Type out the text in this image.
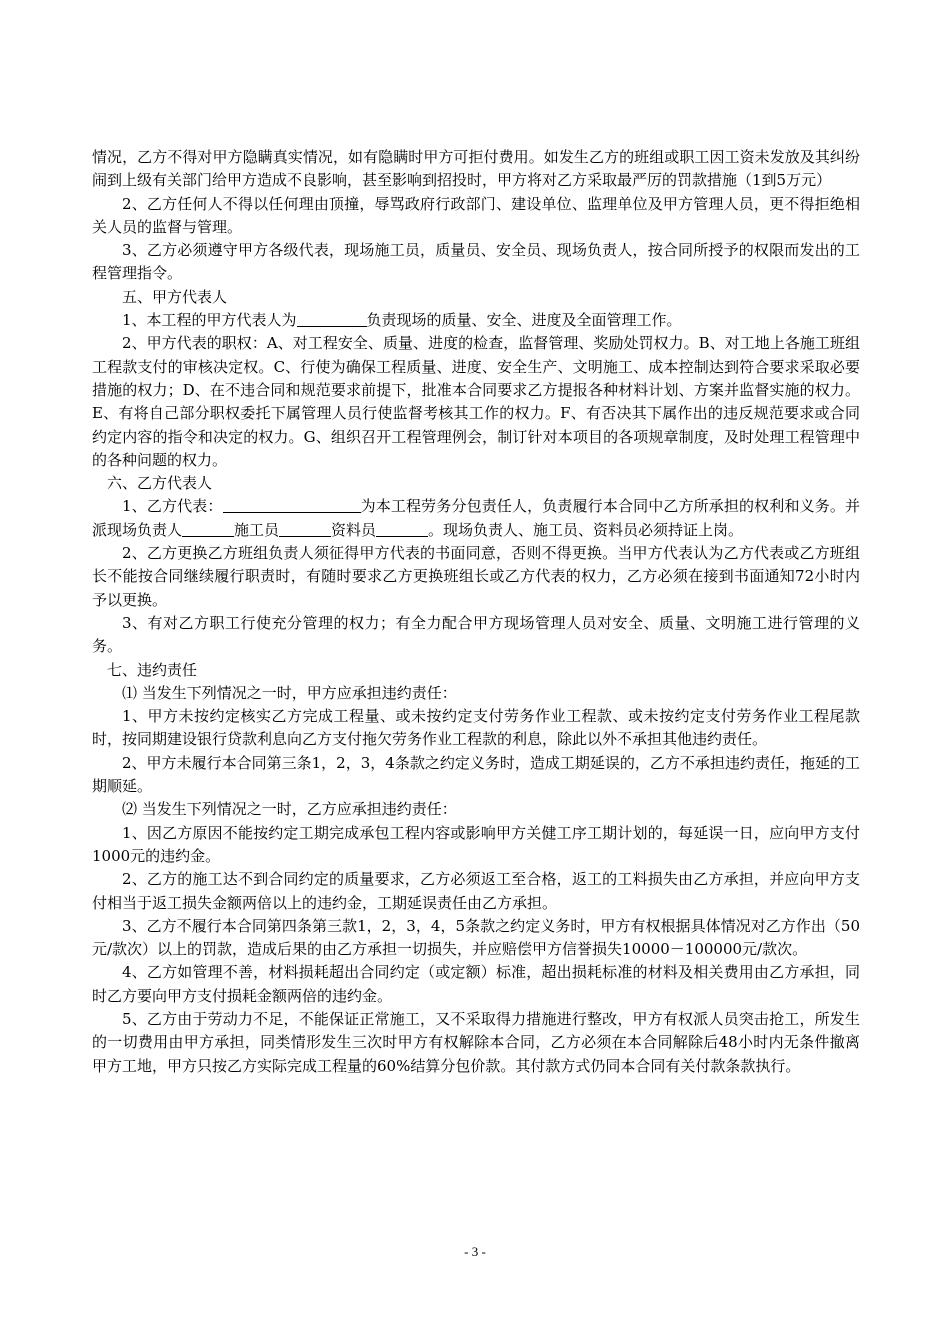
情况，乙方不得对甲方隐瞒真实情况，如有隐瞒时甲方可拒付费用。如发生乙方的班组或职工因工资未发放及其纠纷闹到上级有关部门给甲方造成不良影响，甚至影响到招投时，甲方将对乙方采取最严厉的罚款措施（1到5万元）

2、乙方任何人不得以任何理由顶撞，辱骂政府行政部门、建设单位、监理单位及甲方管理人员，更不得拒绝相关人员的监督与管理。

3、乙方必须遵守甲方各级代表，现场施工员，质量员、安全员、现场负责人，按合同所授予的权限而发出的工程管理指令。

五、甲方代表人

1、本工程的甲方代表人为	负责现场的质量、安全、进度及全面管理工作。

2、甲方代表的职权：A、对工程安全、质量、进度的检查，监督管理、奖励处罚权力。B、对工地上各施工班组工程款支付的审核决定权。C、行使为确保工程质量、进度、安全生产、文明施工、成本控制达到符合要求采取必要措施的权力；D、在不违合同和规范要求前提下，批准本合同要求乙方提报各种材料计划、方案并监督实施的权力。E、有将自己部分职权委托下属管理人员行使监督考核其工作的权力。F、有否决其下属作出的违反规范要求或合同约定内容的指令和决定的权力。G、组织召开工程管理例会，制订针对本项目的各项规章制度，及时处理工程管理中的各种问题的权力。

六、乙方代表人

1、乙方代表：	为本工程劳务分包责任人，负责履行本合同中乙方所承担的权利和义务。并派现场负责人	施工员	资料员	。现场负责人、施工员、资料员必须持证上岗。

2、乙方更换乙方班组负责人须征得甲方代表的书面同意，否则不得更换。当甲方代表认为乙方代表或乙方班组长不能按合同继续履行职责时，有随时要求乙方更换班组长或乙方代表的权力，乙方必须在接到书面通知72小时内予以更换。

3、有对乙方职工行使充分管理的权力；有全力配合甲方现场管理人员对安全、质量、文明施工进行管理的义务。

七、违约责任

⑴ 当发生下列情况之一时，甲方应承担违约责任：

1、甲方未按约定核实乙方完成工程量、或未按约定支付劳务作业工程款、或未按约定支付劳务作业工程尾款时，按同期建设银行贷款利息向乙方支付拖欠劳务作业工程款的利息，除此以外不承担其他违约责任。

2、甲方未履行本合同第三条1，2，3，4条款之约定义务时，造成工期延误的，乙方不承担违约责任，拖延的工期顺延。

⑵ 当发生下列情况之一时，乙方应承担违约责任：

1、因乙方原因不能按约定工期完成承包工程内容或影响甲方关健工序工期计划的，每延误一日，应向甲方支付1000元的违约金。

2、乙方的施工达不到合同约定的质量要求，乙方必须返工至合格，返工的工料损失由乙方承担，并应向甲方支付相当于返工损失金额两倍以上的违约金，工期延误责任由乙方承担。

3、乙方不履行本合同第四条第三款1，2，3，4，5条款之约定义务时，甲方有权根据具体情况对乙方作出（50元/款次）以上的罚款，造成后果的由乙方承担一切损失，并应赔偿甲方信誉损失10000－100000元/款次。

4、乙方如管理不善，材料损耗超出合同约定（或定额）标准，超出损耗标准的材料及相关费用由乙方承担，同时乙方要向甲方支付损耗金额两倍的违约金。

5、乙方由于劳动力不足，不能保证正常施工，又不采取得力措施进行整改，甲方有权派人员突击抢工，所发生的一切费用由甲方承担，同类情形发生三次时甲方有权解除本合同，乙方必须在本合同解除后48小时内无条件撤离甲方工地，甲方只按乙方实际完成工程量的60%结算分包价款。其付款方式仍同本合同有关付款条款执行。

- 3 -
